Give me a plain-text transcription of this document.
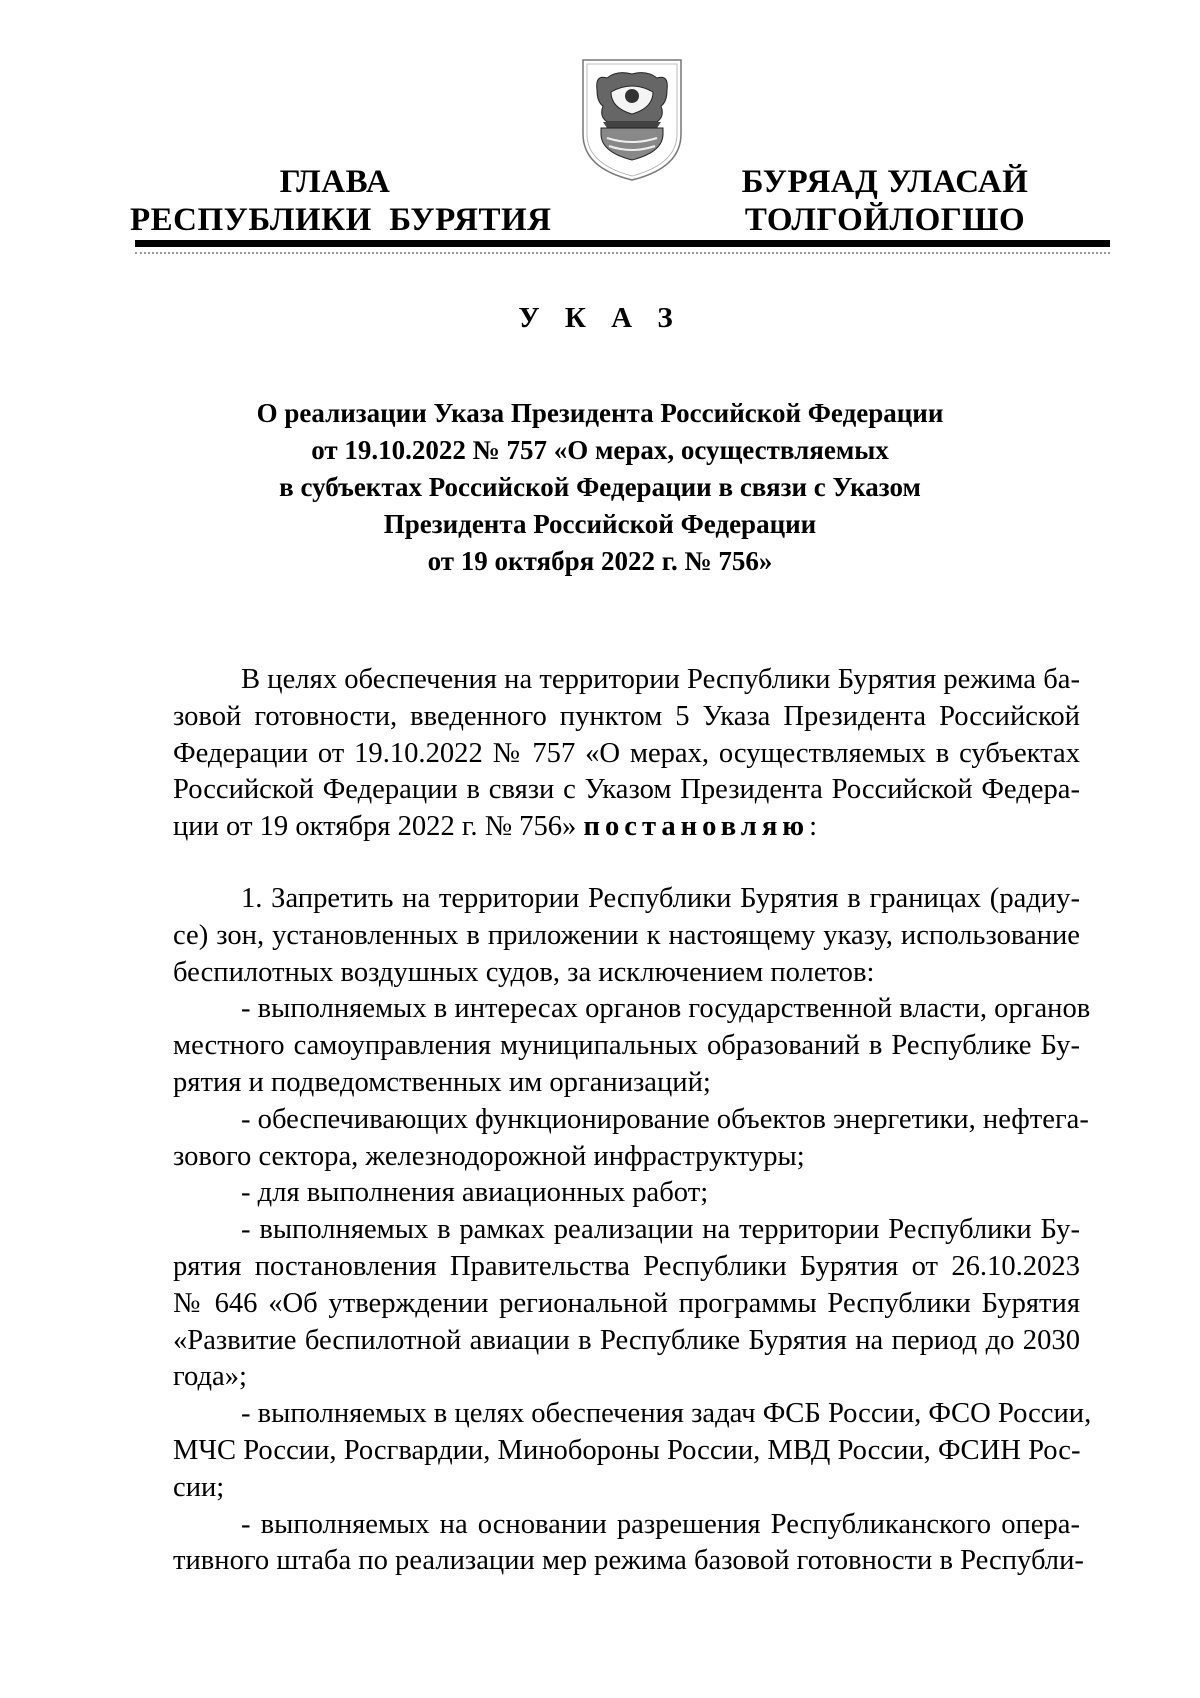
ГЛАВА
РЕСПУБЛИКИ  БУРЯТИЯ
БУРЯАД УЛАСАЙ
ТОЛГОЙЛОГШО
У К А З
О реализации Указа Президента Российской Федерации
от 19.10.2022 № 757 «О мерах, осуществляемых
в субъектах Российской Федерации в связи с Указом
Президента Российской Федерации
от 19 октября 2022 г. № 756»
В целях обеспечения на территории Республики Бурятия режима ба-
зовой готовности, введенного пунктом 5 Указа Президента Российской
Федерации от 19.10.2022 № 757 «О мерах, осуществляемых в субъектах
Российской Федерации в связи с Указом Президента Российской Федера-
ции от 19 октября 2022 г. № 756» постановляю:
1. Запретить на территории Республики Бурятия в границах (радиу-
се) зон, установленных в приложении к настоящему указу, использование
беспилотных воздушных судов, за исключением полетов:
- выполняемых в интересах органов государственной власти, органов
местного самоуправления муниципальных образований в Республике Бу-
рятия и подведомственных им организаций;
- обеспечивающих функционирование объектов энергетики, нефтега-
зового сектора, железнодорожной инфраструктуры;
- для выполнения авиационных работ;
- выполняемых в рамках реализации на территории Республики Бу-
рятия постановления Правительства Республики Бурятия от 26.10.2023
№ 646 «Об утверждении региональной программы Республики Бурятия
«Развитие беспилотной авиации в Республике Бурятия на период до 2030
года»;
- выполняемых в целях обеспечения задач ФСБ России, ФСО России,
МЧС России, Росгвардии, Минобороны России, МВД России, ФСИН Рос-
сии;
- выполняемых на основании разрешения Республиканского опера-
тивного штаба по реализации мер режима базовой готовности в Республи-
